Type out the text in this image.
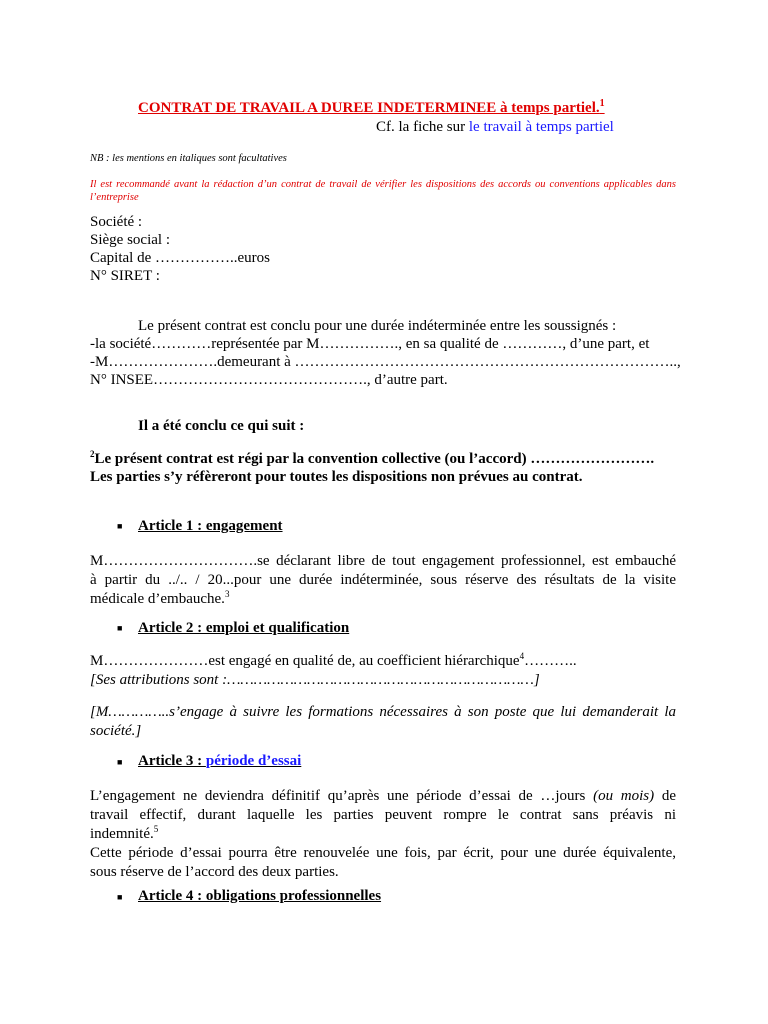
CONTRAT DE TRAVAIL A DUREE INDETERMINEE à temps partiel.$^1$
Cf. la fiche sur le travail à temps partiel
NB : les mentions en italiques sont facultatives
Il est recommandé avant la rédaction d’un contrat de travail de vérifier les dispositions des accords ou conventions applicables dans l’entreprise
Société :
Siège social :
Capital de ……………..euros
N° SIRET :
Le présent contrat est conclu pour une durée indéterminée entre les soussignés :
-la société…………représentée par M……………., en sa qualité de …………, d’une part, et
-M………………….demeurant à …………………………………………………………………..,
N° INSEE……………………………………., d’autre part.
Il a été conclu ce qui suit :
$^2$Le présent contrat est régi par la convention collective (ou l’accord) …………………….
Les parties s’y réfèreront pour toutes les dispositions non prévues au contrat.
■ Article 1 : engagement
M………………………….se déclarant libre de tout engagement professionnel, est embauché
à partir du ../.. / 20...pour une durée indéterminée, sous réserve des résultats de la visite
médicale d’embauche.$^3$
■ Article 2 : emploi et qualification
M…………………est engagé en qualité de, au coefficient hiérarchique$^4$………..
[Ses attributions sont :……………………………………………………………]
[M…………..s’engage à suivre les formations nécessaires à son poste que lui demanderait la
société.]
■ Article 3 : période d’essai
L’engagement ne deviendra définitif qu’après une période d’essai de …jours (ou mois) de
travail effectif, durant laquelle les parties peuvent rompre le contrat sans préavis ni
indemnité.$^5$
Cette période d’essai pourra être renouvelée une fois, par écrit, pour une durée équivalente,
sous réserve de l’accord des deux parties.
■ Article 4 : obligations professionnelles
